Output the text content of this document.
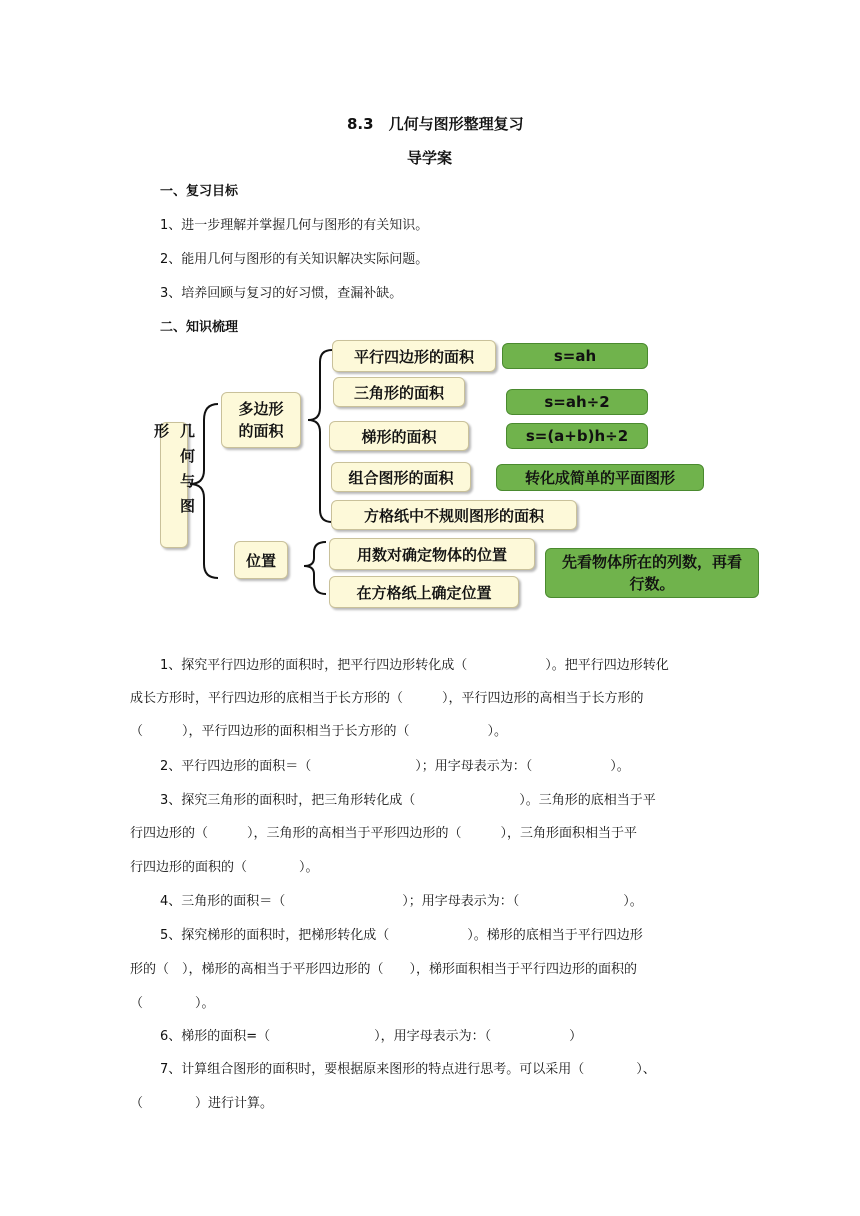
8.3　几何与图形整理复习
导学案
一、复习目标
1、进一步理解并掌握几何与图形的有关知识。
2、能用几何与图形的有关知识解决实际问题。
3、培养回顾与复习的好习惯，查漏补缺。
二、知识梳理
几何与图形
多边形的面积
位置
平行四边形的面积
三角形的面积
梯形的面积
组合图形的面积
方格纸中不规则图形的面积
用数对确定物体的位置
在方格纸上确定位置
s=ah
s=ah÷2
s=(a+b)h÷2
转化成简单的平面图形
先看物体所在的列数，再看行数。
1、探究平行四边形的面积时，把平行四边形转化成（　　　　　　）。把平行四边形转化
成长方形时，平行四边形的底相当于长方形的（　　　），平行四边形的高相当于长方形的
（　　　），平行四边形的面积相当于长方形的（　　　　　　）。
2、平行四边形的面积＝（　　　　　　　　）；用字母表示为：（　　　　　　）。
3、探究三角形的面积时，把三角形转化成（　　　　　　　　）。三角形的底相当于平
行四边形的（　　　），三角形的高相当于平形四边形的（　　　），三角形面积相当于平
行四边形的面积的（　　　　）。
4、三角形的面积＝（　　　　　　　　　）；用字母表示为：（　　　　　　　　）。
5、探究梯形的面积时，把梯形转化成（　　　　　　）。梯形的底相当于平行四边形
形的（　），梯形的高相当于平形四边形的（　　），梯形面积相当于平行四边形的面积的
（　　　　）。
6、梯形的面积=（　　　　　　　　），用字母表示为：（　　　　　　）
7、计算组合图形的面积时，要根据原来图形的特点进行思考。可以采用（　　　　）、
（　　　　）进行计算。
